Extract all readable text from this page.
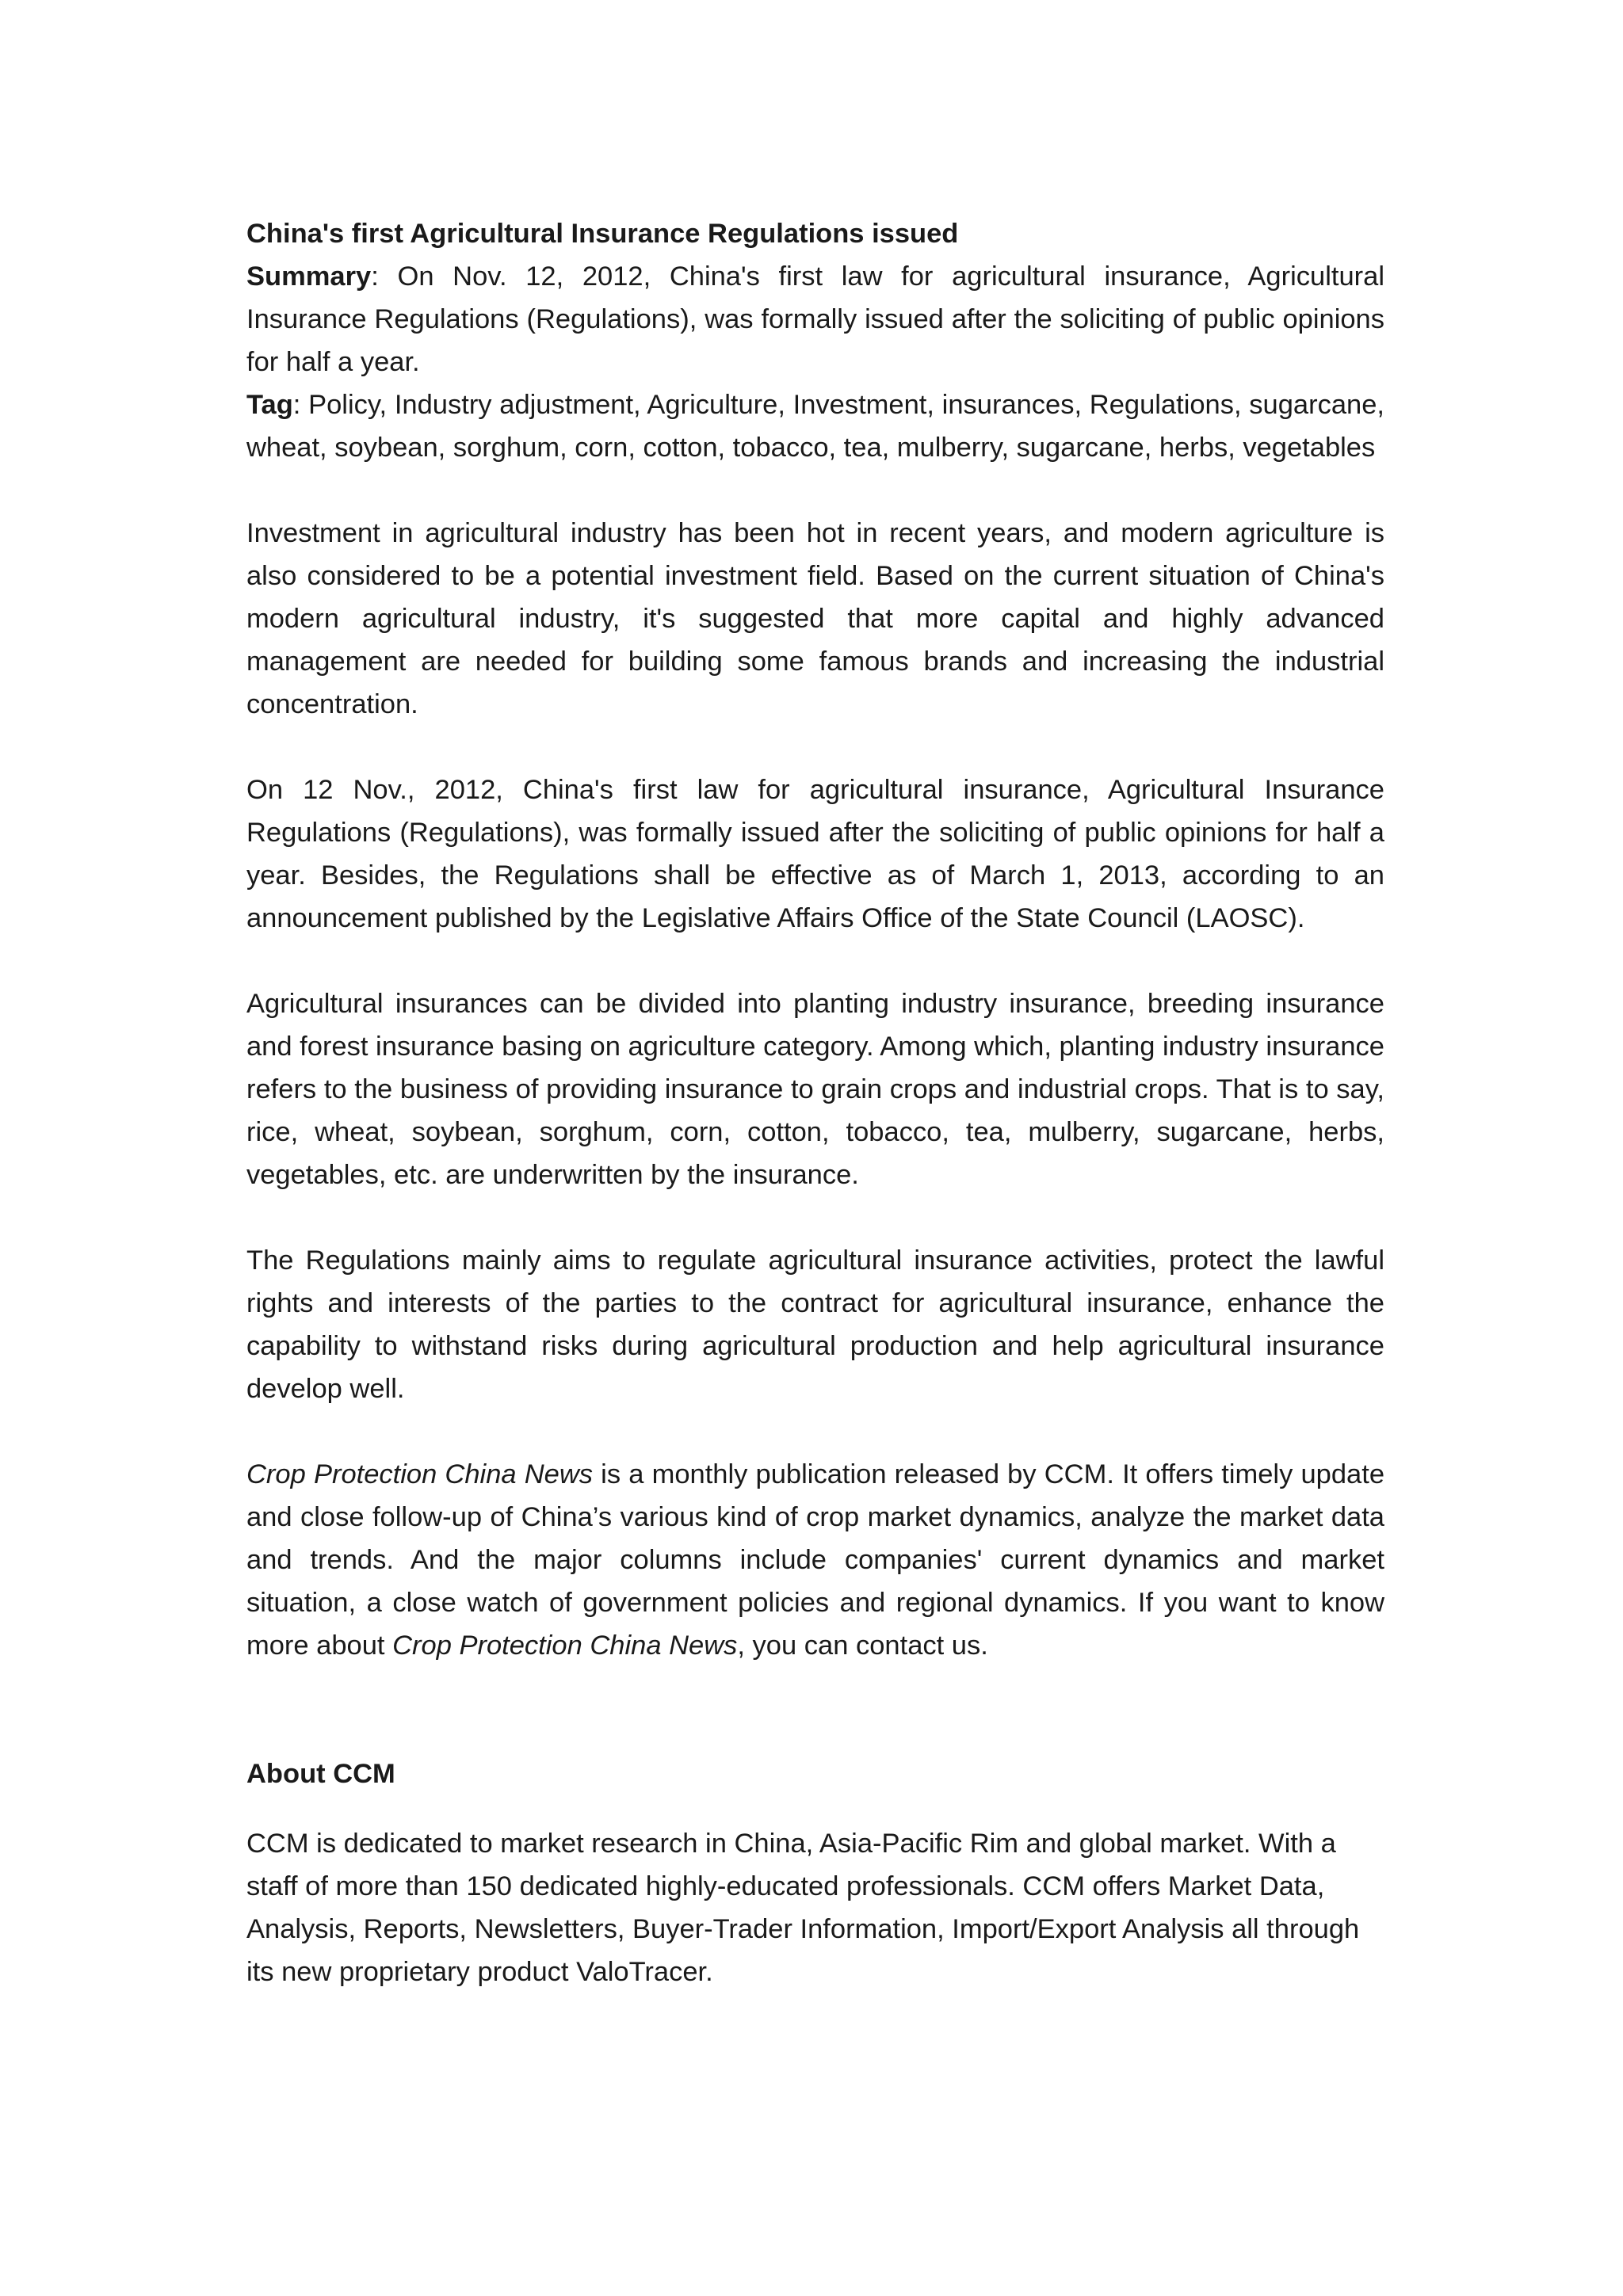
China's first Agricultural Insurance Regulations issued

Summary: On Nov. 12, 2012, China's first law for agricultural insurance, Agricultural Insurance Regulations (Regulations), was formally issued after the soliciting of public opinions for half a year.

Tag: Policy, Industry adjustment, Agriculture, Investment, insurances, Regulations, sugarcane, wheat, soybean, sorghum, corn, cotton, tobacco, tea, mulberry, sugarcane, herbs, vegetables

Investment in agricultural industry has been hot in recent years, and modern agriculture is also considered to be a potential investment field. Based on the current situation of China's modern agricultural industry, it's suggested that more capital and highly advanced management are needed for building some famous brands and increasing the industrial concentration.

On 12 Nov., 2012, China's first law for agricultural insurance, Agricultural Insurance Regulations (Regulations), was formally issued after the soliciting of public opinions for half a year. Besides, the Regulations shall be effective as of March 1, 2013, according to an announcement published by the Legislative Affairs Office of the State Council (LAOSC).

Agricultural insurances can be divided into planting industry insurance, breeding insurance and forest insurance basing on agriculture category. Among which, planting industry insurance refers to the business of providing insurance to grain crops and industrial crops. That is to say, rice, wheat, soybean, sorghum, corn, cotton, tobacco, tea, mulberry, sugarcane, herbs, vegetables, etc. are underwritten by the insurance.

The Regulations mainly aims to regulate agricultural insurance activities, protect the lawful rights and interests of the parties to the contract for agricultural insurance, enhance the capability to withstand risks during agricultural production and help agricultural insurance develop well.

Crop Protection China News is a monthly publication released by CCM. It offers timely update and close follow-up of China’s various kind of crop market dynamics, analyze the market data and trends. And the major columns include companies' current dynamics and market situation, a close watch of government policies and regional dynamics. If you want to know more about Crop Protection China News, you can contact us.

About CCM

CCM is dedicated to market research in China, Asia-Pacific Rim and global market. With a staff of more than 150 dedicated highly-educated professionals. CCM offers Market Data, Analysis, Reports, Newsletters, Buyer-Trader Information, Import/Export Analysis all through its new proprietary product ValoTracer.
